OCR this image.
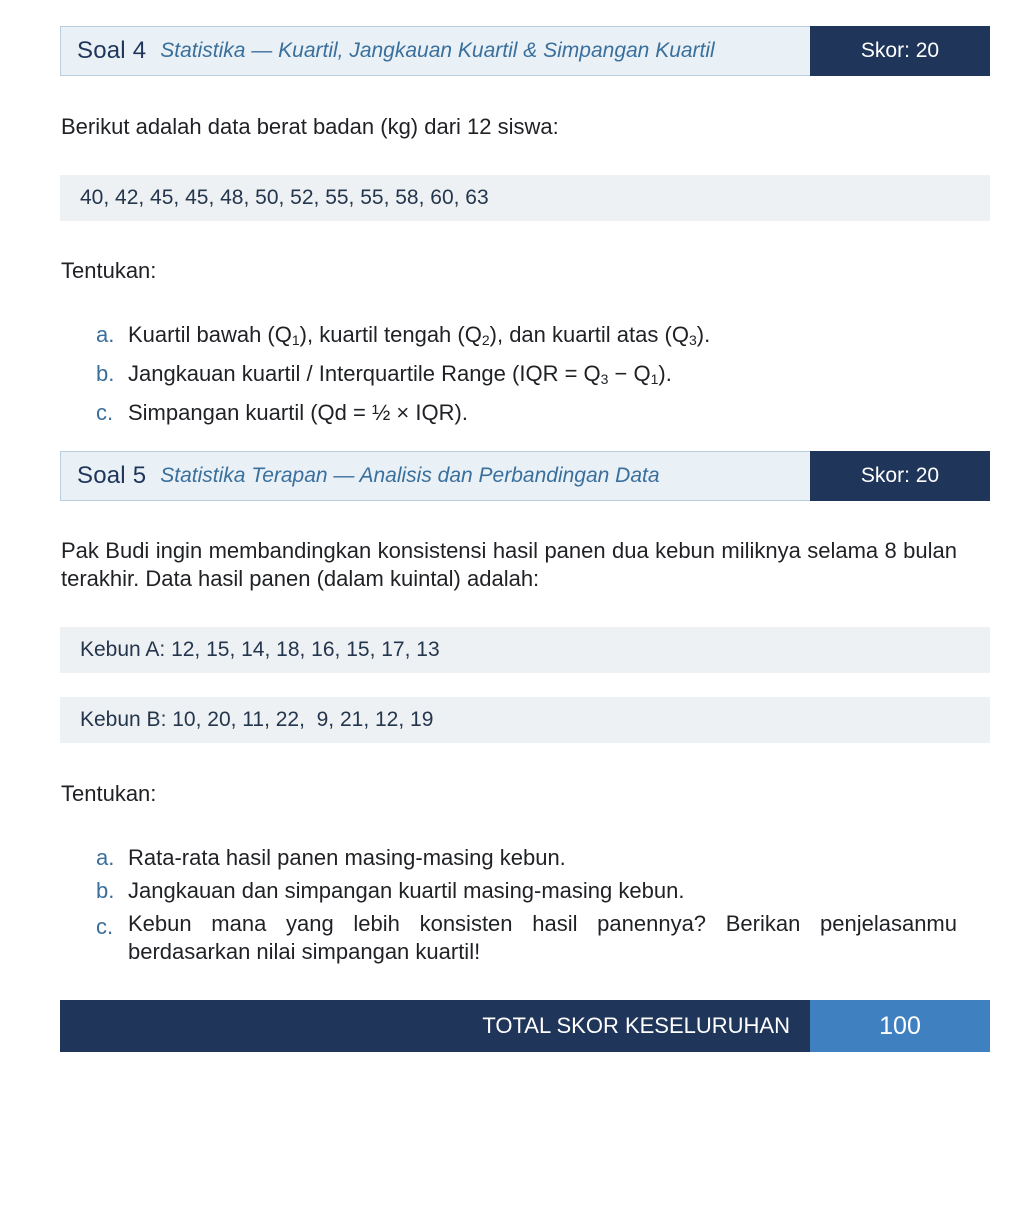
Soal 4 Statistika — Kuartil, Jangkauan Kuartil & Simpangan Kuartil	Skor: 20
Berikut adalah data berat badan (kg) dari 12 siswa:
40, 42, 45, 45, 48, 50, 52, 55, 55, 58, 60, 63
Tentukan:
a. Kuartil bawah $(Q_1)$, kuartil tengah $(Q_2)$, dan kuartil atas $(Q_3)$.
b. Jangkauan kuartil / Interquartile Range $(IQR = Q_3 - Q_1)$.
c. Simpangan kuartil (Qd = ½ × IQR).
Soal 5 Statistika Terapan — Analisis dan Perbandingan Data	Skor: 20
Pak Budi ingin membandingkan konsistensi hasil panen dua kebun miliknya selama 8 bulan terakhir. Data hasil panen (dalam kuintal) adalah:
Kebun A: 12, 15, 14, 18, 16, 15, 17, 13
Kebun B: 10, 20, 11, 22,  9, 21, 12, 19
Tentukan:
a. Rata-rata hasil panen masing-masing kebun.
b. Jangkauan dan simpangan kuartil masing-masing kebun.
c. Kebun mana yang lebih konsisten hasil panennya? Berikan penjelasanmu berdasarkan nilai simpangan kuartil!
TOTAL SKOR KESELURUHAN	100
